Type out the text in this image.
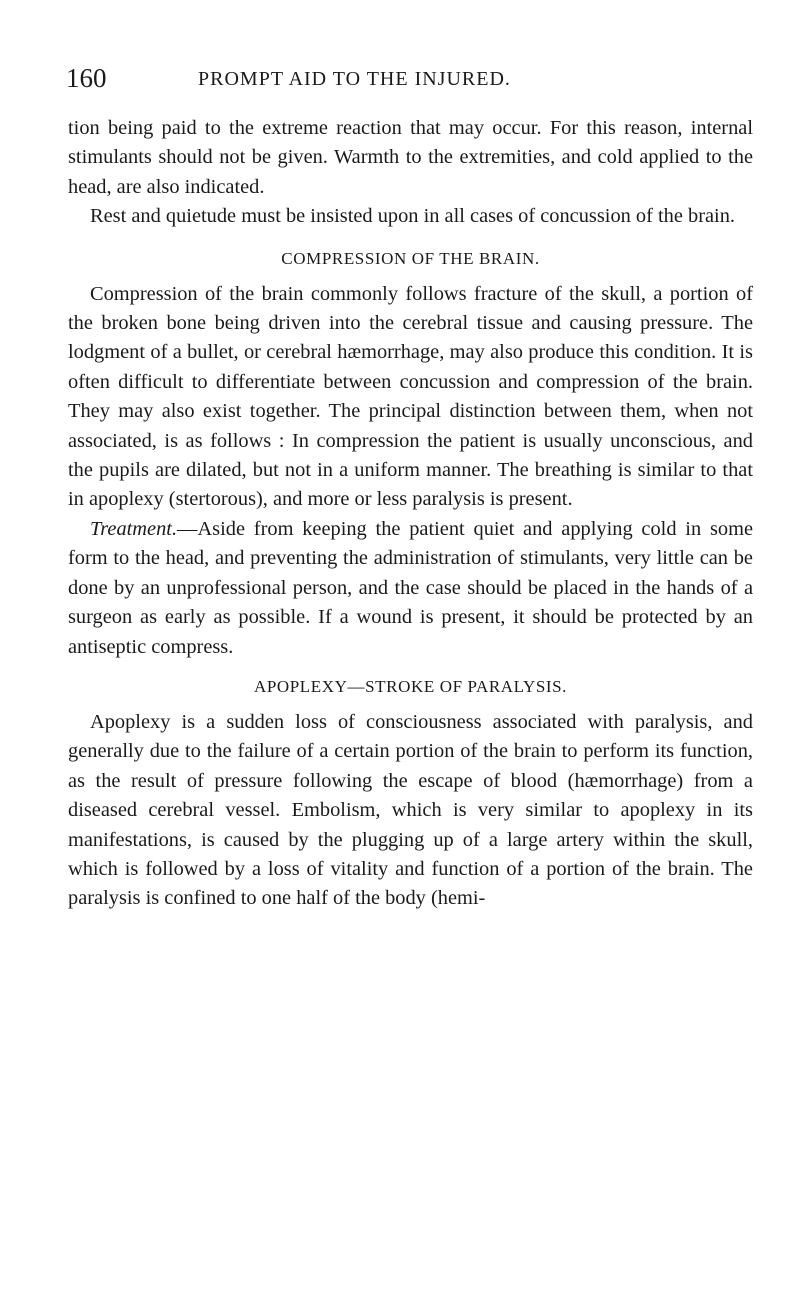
160	PROMPT AID TO THE INJURED.

tion being paid to the extreme reaction that may occur. For this reason, internal stimulants should not be given. Warmth to the extremities, and cold applied to the head, are also indicated.

Rest and quietude must be insisted upon in all cases of concussion of the brain.

COMPRESSION OF THE BRAIN.

Compression of the brain commonly follows fracture of the skull, a portion of the broken bone being driven into the cerebral tissue and causing pressure. The lodgment of a bullet, or cerebral hæmorrhage, may also produce this condition. It is often difficult to differentiate between concussion and compression of the brain. They may also exist together. The principal distinction between them, when not associated, is as follows : In compression the patient is usually unconscious, and the pupils are dilated, but not in a uniform manner. The breathing is similar to that in apoplexy (stertorous), and more or less paralysis is present.

Treatment.—Aside from keeping the patient quiet and applying cold in some form to the head, and preventing the administration of stimulants, very little can be done by an unprofessional person, and the case should be placed in the hands of a surgeon as early as possible. If a wound is present, it should be protected by an antiseptic compress.

APOPLEXY—STROKE OF PARALYSIS.

Apoplexy is a sudden loss of consciousness associated with paralysis, and generally due to the failure of a certain portion of the brain to perform its function, as the result of pressure following the escape of blood (hæmorrhage) from a diseased cerebral vessel. Embolism, which is very similar to apoplexy in its manifestations, is caused by the plugging up of a large artery within the skull, which is followed by a loss of vitality and function of a portion of the brain. The paralysis is confined to one half of the body (hemi-
